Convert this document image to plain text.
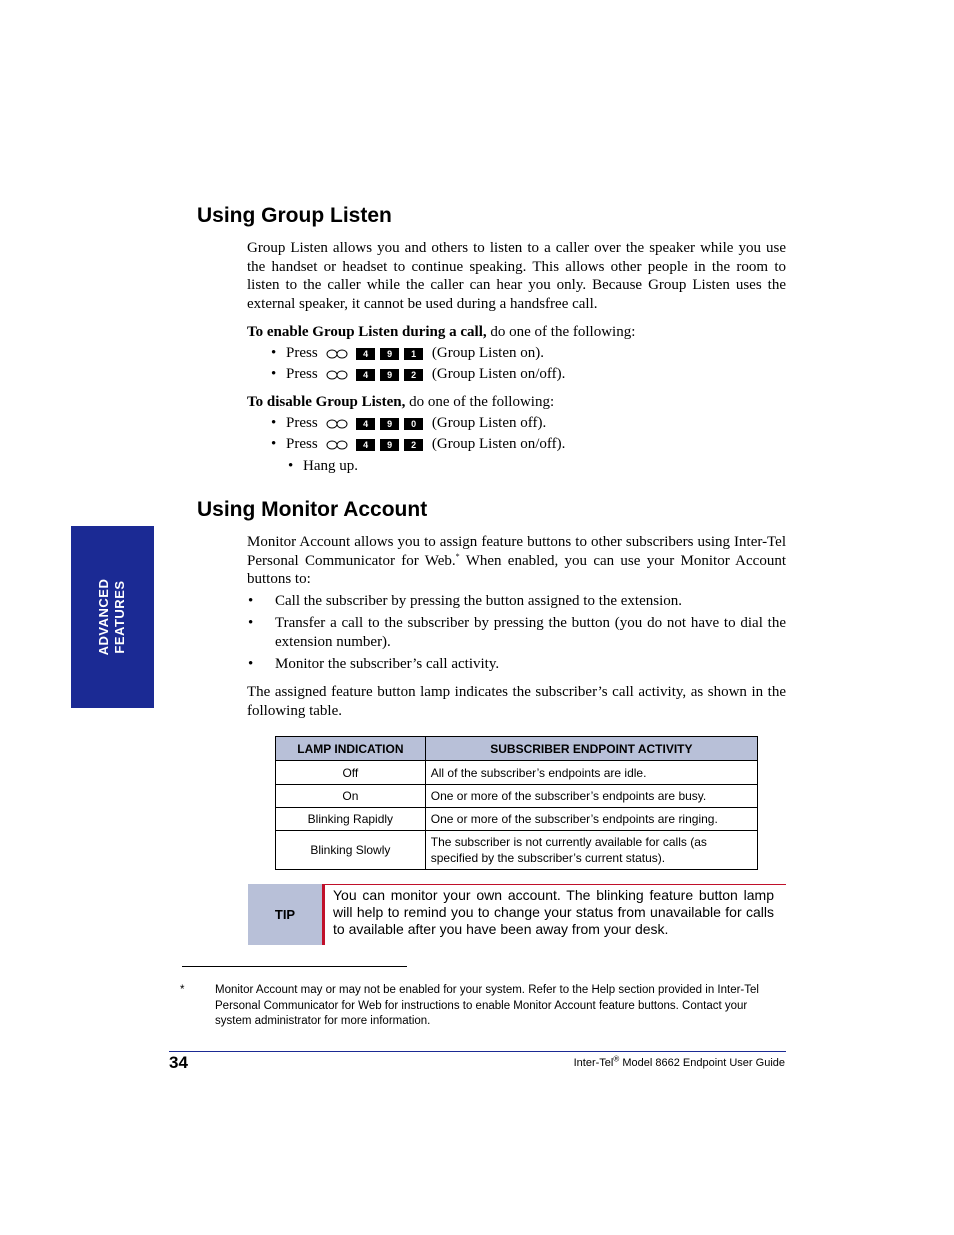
Using Group Listen

Group Listen allows you and others to listen to a caller over the speaker while you use the handset or headset to continue speaking. This allows other people in the room to listen to the caller while the caller can hear you only. Because Group Listen uses the external speaker, it cannot be used during a handsfree call.

To enable Group Listen during a call, do one of the following:

• Press	4 9 1 (Group Listen on).
• Press	4 9 2 (Group Listen on/off).

To disable Group Listen, do one of the following:

• Press	4 9 0 (Group Listen off).
• Press	4 9 2 (Group Listen on/off).
• Hang up.
ADVANCED
FEATURES
Using Monitor Account

Monitor Account allows you to assign feature buttons to other subscribers using Inter-Tel Personal Communicator for Web.* When enabled, you can use your Monitor Account buttons to:

• Call the subscriber by pressing the button assigned to the extension.
• Transfer a call to the subscriber by pressing the button (you do not have to dial the extension number).
• Monitor the subscriber’s call activity.

The assigned feature button lamp indicates the subscriber’s call activity, as shown in the following table.

LAMP INDICATION	SUBSCRIBER ENDPOINT ACTIVITY
Off	All of the subscriber’s endpoints are idle.
On	One or more of the subscriber’s endpoints are busy.
Blinking Rapidly	One or more of the subscriber’s endpoints are ringing.
Blinking Slowly	The subscriber is not currently available for calls (as specified by the subscriber’s current status).
TIP
You can monitor your own account. The blinking feature button lamp will help to remind you to change your status from unavailable for calls to available after you have been away from your desk.
*	Monitor Account may or may not be enabled for your system. Refer to the Help section provided in Inter-Tel Personal Communicator for Web for instructions to enable Monitor Account feature buttons. Contact your system administrator for more information.
34	Inter-Tel® Model 8662 Endpoint User Guide
